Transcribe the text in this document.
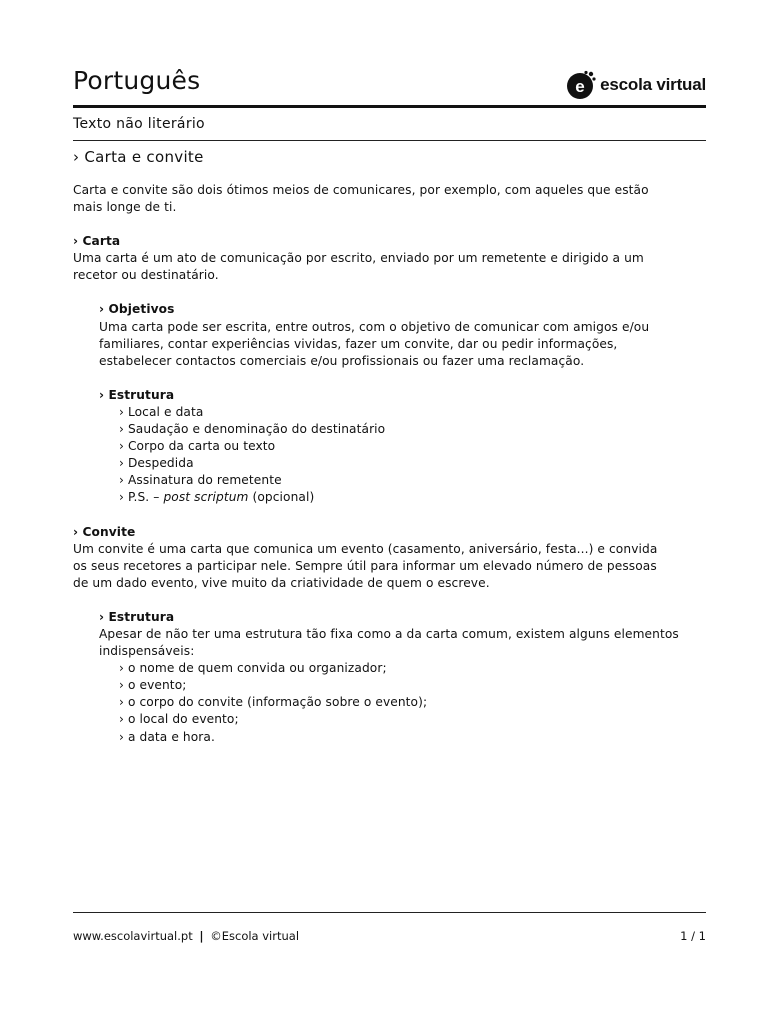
Português	e escola virtual
Texto não literário
› Carta e convite

Carta e convite são dois ótimos meios de comunicares, por exemplo, com aqueles que estão

mais longe de ti.

› Carta

Uma carta é um ato de comunicação por escrito, enviado por um remetente e dirigido a um

recetor ou destinatário.

› Objetivos

Uma carta pode ser escrita, entre outros, com o objetivo de comunicar com amigos e/ou

familiares, contar experiências vividas, fazer um convite, dar ou pedir informações,

estabelecer contactos comerciais e/ou profissionais ou fazer uma reclamação.

› Estrutura

› Local e data

› Saudação e denominação do destinatário

› Corpo da carta ou texto

› Despedida

› Assinatura do remetente

› P.S. – post scriptum (opcional)

› Convite

Um convite é uma carta que comunica um evento (casamento, aniversário, festa...) e convida

os seus recetores a participar nele. Sempre útil para informar um elevado número de pessoas

de um dado evento, vive muito da criatividade de quem o escreve.

› Estrutura

Apesar de não ter uma estrutura tão fixa como a da carta comum, existem alguns elementos

indispensáveis:

› o nome de quem convida ou organizador;

› o evento;

› o corpo do convite (informação sobre o evento);

› o local do evento;

› a data e hora.

www.escolavirtual.pt | ©Escola virtual	1 / 1
